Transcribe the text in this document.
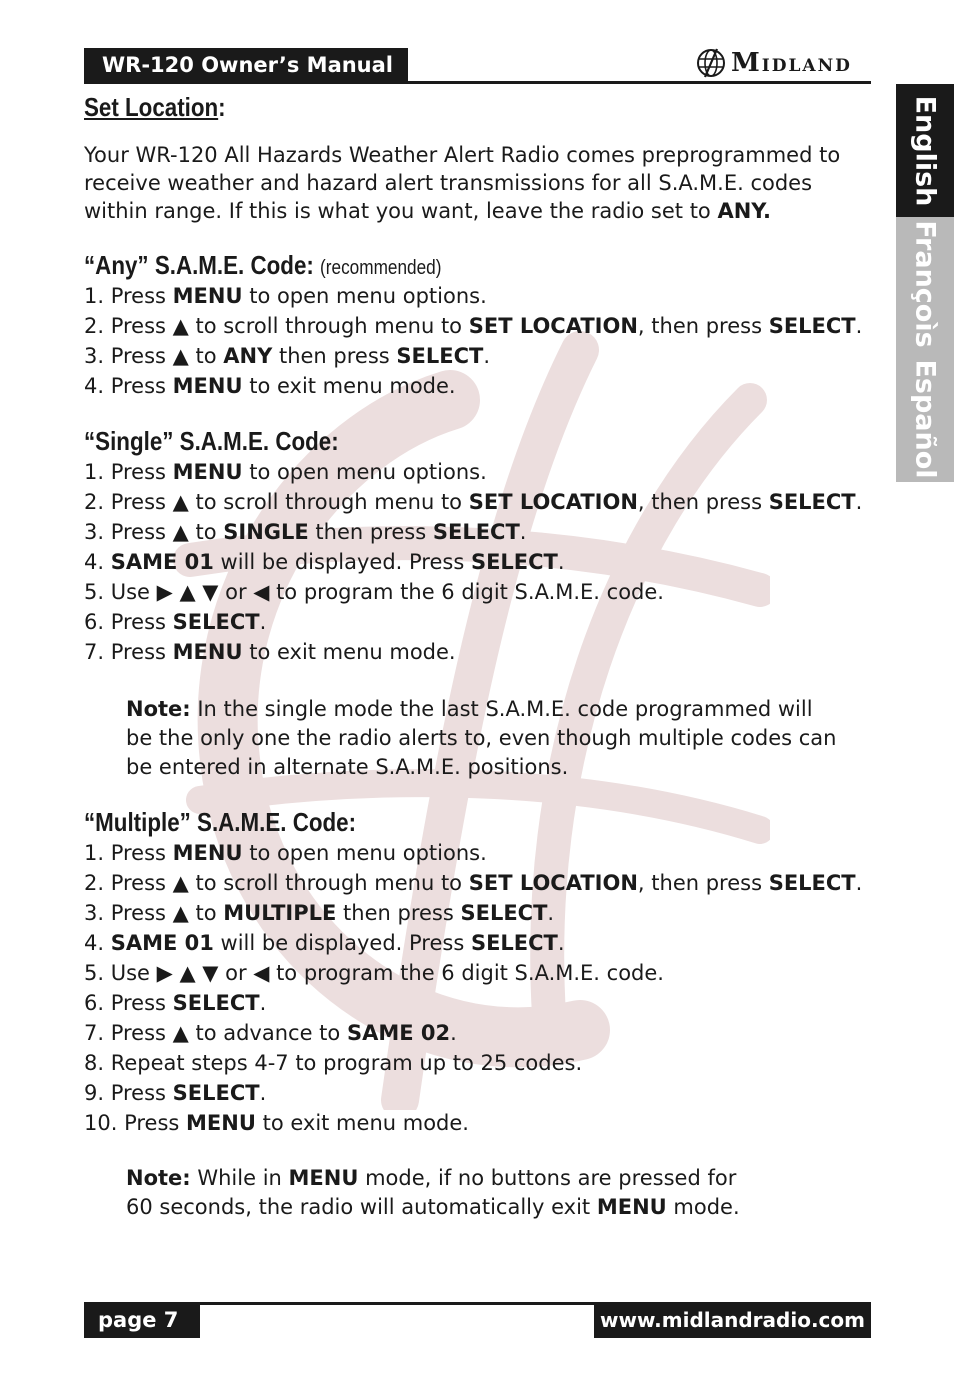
WR-120 Owner’s Manual	MIDLAND
English
Françoìs
Español
Set Location:

Your WR-120 All Hazards Weather Alert Radio comes preprogrammed to receive weather and hazard alert transmissions for all S.A.M.E. codes within range. If this is what you want, leave the radio set to ANY.

“Any” S.A.M.E. Code: (recommended)
1. Press MENU to open menu options.
2. Press ▲ to scroll through menu to SET LOCATION, then press SELECT.
3. Press ▲ to ANY then press SELECT.
4. Press MENU to exit menu mode.
“Single” S.A.M.E. Code:
1. Press MENU to open menu options.
2. Press ▲ to scroll through menu to SET LOCATION, then press SELECT.
3. Press ▲ to SINGLE then press SELECT.
4. SAME 01 will be displayed. Press SELECT.
5. Use ▶ ▲ ▼ or ◀ to program the 6 digit S.A.M.E. code.
6. Press SELECT.
7. Press MENU to exit menu mode.
Note: In the single mode the last S.A.M.E. code programmed will
be the only one the radio alerts to, even though multiple codes can
be entered in alternate S.A.M.E. positions.
“Multiple” S.A.M.E. Code:
1. Press MENU to open menu options.
2. Press ▲ to scroll through menu to SET LOCATION, then press SELECT.
3. Press ▲ to MULTIPLE then press SELECT.
4. SAME 01 will be displayed. Press SELECT.
5. Use ▶ ▲ ▼ or ◀ to program the 6 digit S.A.M.E. code.
6. Press SELECT.
7. Press ▲ to advance to SAME 02.
8. Repeat steps 4-7 to program up to 25 codes.
9. Press SELECT.
10. Press MENU to exit menu mode.
Note: While in MENU mode, if no buttons are pressed for
60 seconds, the radio will automatically exit MENU mode.
page 7	www.midlandradio.com
